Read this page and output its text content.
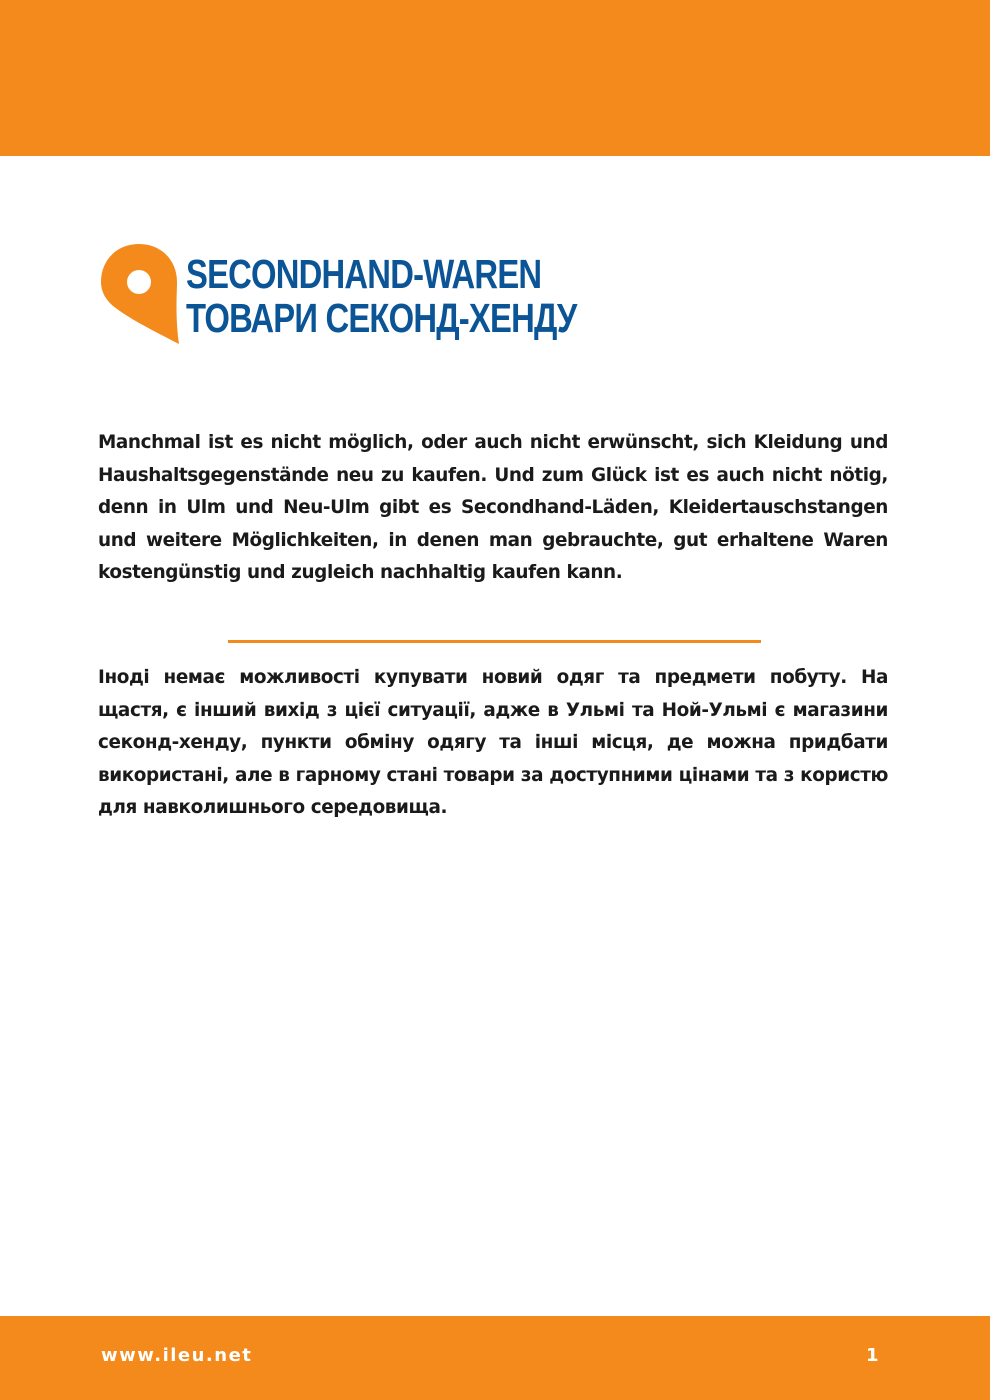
SECONDHAND-WAREN
ТОВАРИ СЕКОНД-ХЕНДУ

Manchmal ist es nicht möglich, oder auch nicht erwünscht, sich Kleidung und Haushaltsgegenstände neu zu kaufen. Und zum Glück ist es auch nicht nötig, denn in Ulm und Neu-Ulm gibt es Secondhand-Läden, Kleidertauschstangen und weitere Möglichkeiten, in denen man gebrauchte, gut erhaltene Waren kostengünstig und zugleich nachhaltig kaufen kann.

Іноді немає можливості купувати новий одяг та предмети побуту. На щастя, є інший вихід з цієї ситуації, адже в Ульмі та Ной-Ульмі є магазини секонд-хенду, пункти обміну одягу та інші місця, де можна придбати використані, але в гарному стані товари за доступними цінами та з користю для навколишнього середовища.

www.ileu.net	1
